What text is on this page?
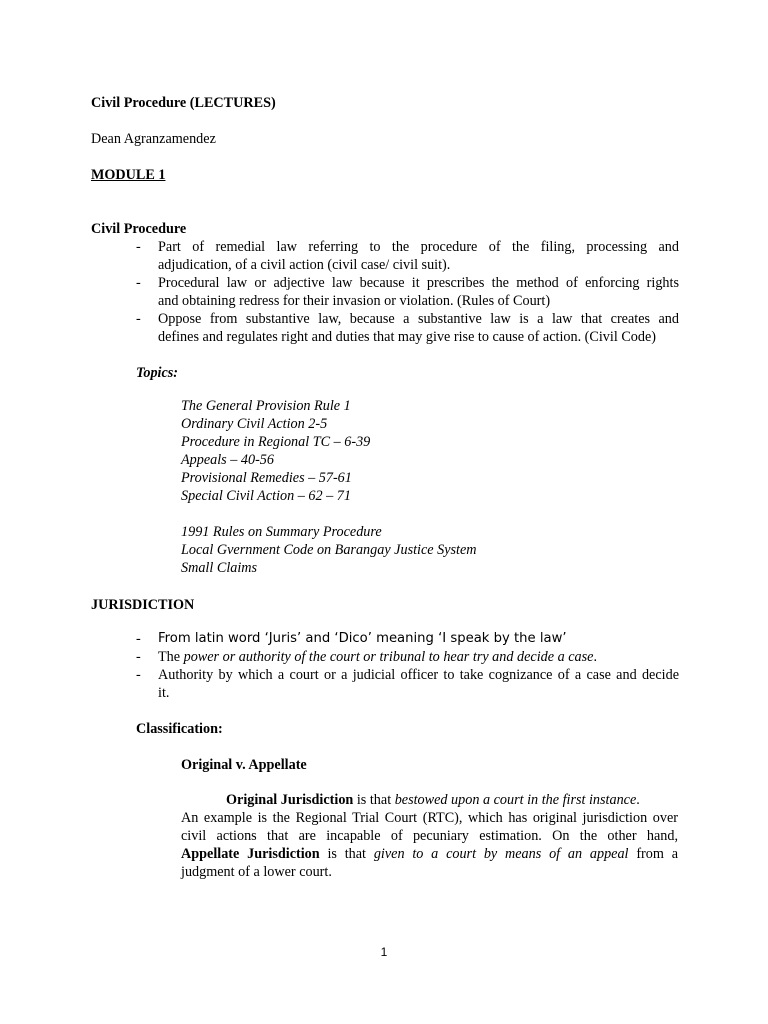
Civil Procedure (LECTURES)
Dean Agranzamendez
MODULE 1
Civil Procedure
- Part of remedial law referring to the procedure of the filing, processing and
adjudication, of a civil action (civil case/ civil suit).
- Procedural law or adjective law because it prescribes the method of enforcing rights
and obtaining redress for their invasion or violation. (Rules of Court)
- Oppose from substantive law, because a substantive law is a law that creates and
defines and regulates right and duties that may give rise to cause of action. (Civil Code)
Topics:
The General Provision Rule 1
Ordinary Civil Action 2-5
Procedure in Regional TC – 6-39
Appeals – 40-56
Provisional Remedies – 57-61
Special Civil Action – 62 – 71
1991 Rules on Summary Procedure
Local Gvernment Code on Barangay Justice System
Small Claims
JURISDICTION
- From latin word ‘Juris’ and ‘Dico’ meaning ‘I speak by the law’
- The power or authority of the court or tribunal to hear try and decide a case.
- Authority by which a court or a judicial officer to take cognizance of a case and decide
it.
Classification:
Original v. Appellate
Original Jurisdiction is that bestowed upon a court in the first instance.
An example is the Regional Trial Court (RTC), which has original jurisdiction over
civil actions that are incapable of pecuniary estimation. On the other hand,
Appellate Jurisdiction is that given to a court by means of an appeal from a
judgment of a lower court.
1
